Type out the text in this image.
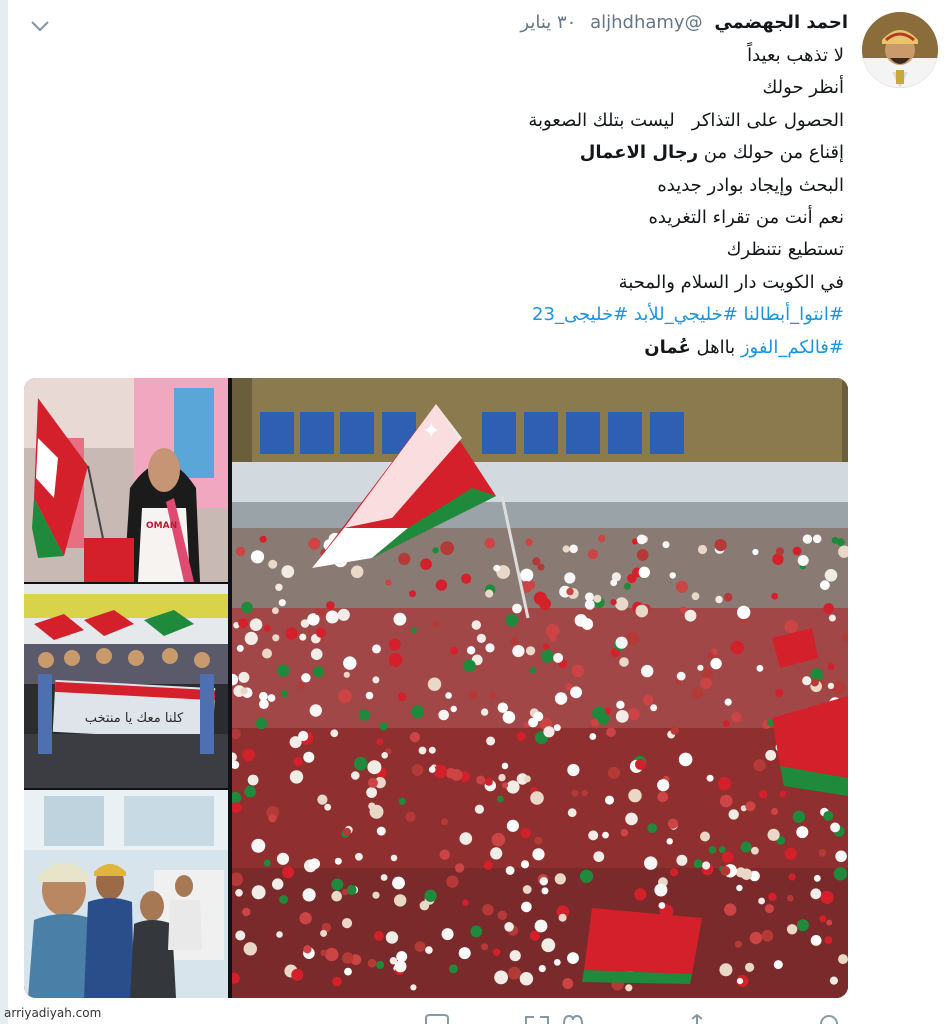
احمد الجهضمي @aljhdhamy ٣٠ يناير
لا تذهب بعيداً
أنظر حولك
الحصول على التذاكر   ليست بتلك الصعوبة
إقناع من حولك من رجال الاعمال
البحث وإيجاد بوادر جديده
نعم أنت من تقراء التغريده
تستطيع نتنظرك
في الكويت دار السلام والمحبة
#انتوا_أبطالنا #خليجي_للأبد #خليجى_23
#فالكم_الفوز بااهل عُمان
OMAN
كلنا معك يا منتخب
✦
arriyadiyah.com
